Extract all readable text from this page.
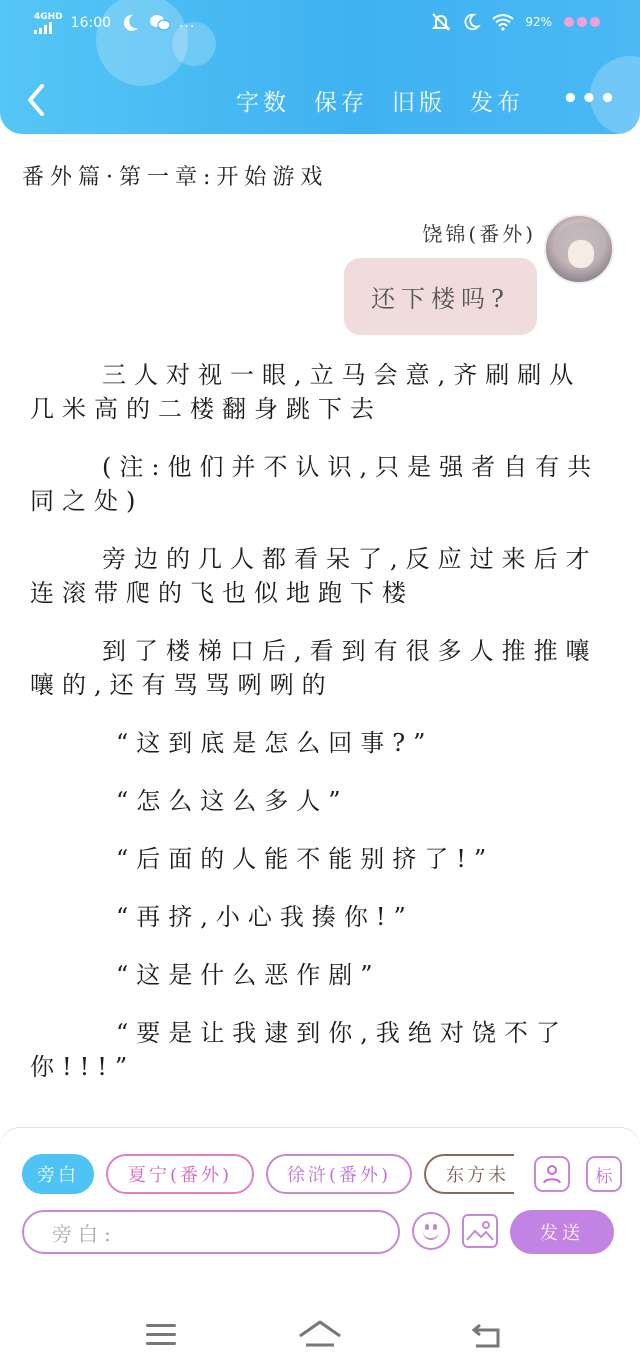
4GHD 16:00	...	92%
字数 保存 旧版 发布 •••
番外篇·第一章:开始游戏
饶锦(番外)
还下楼吗?

三人对视一眼,立马会意,齐刷刷从几米高的二楼翻身跳下去

(注:他们并不认识,只是强者自有共同之处)

旁边的几人都看呆了,反应过来后才连滚带爬的飞也似地跑下楼

到了楼梯口后,看到有很多人推推嚷嚷的,还有骂骂咧咧的

“这到底是怎么回事?”

“怎么这么多人”

“后面的人能不能别挤了!”

“再挤,小心我揍你!”

“这是什么恶作剧”

“要是让我逮到你,我绝对饶不了你!!!”

旁白	夏宁(番外)	徐浒(番外)	东方未	标
旁白:	发送
